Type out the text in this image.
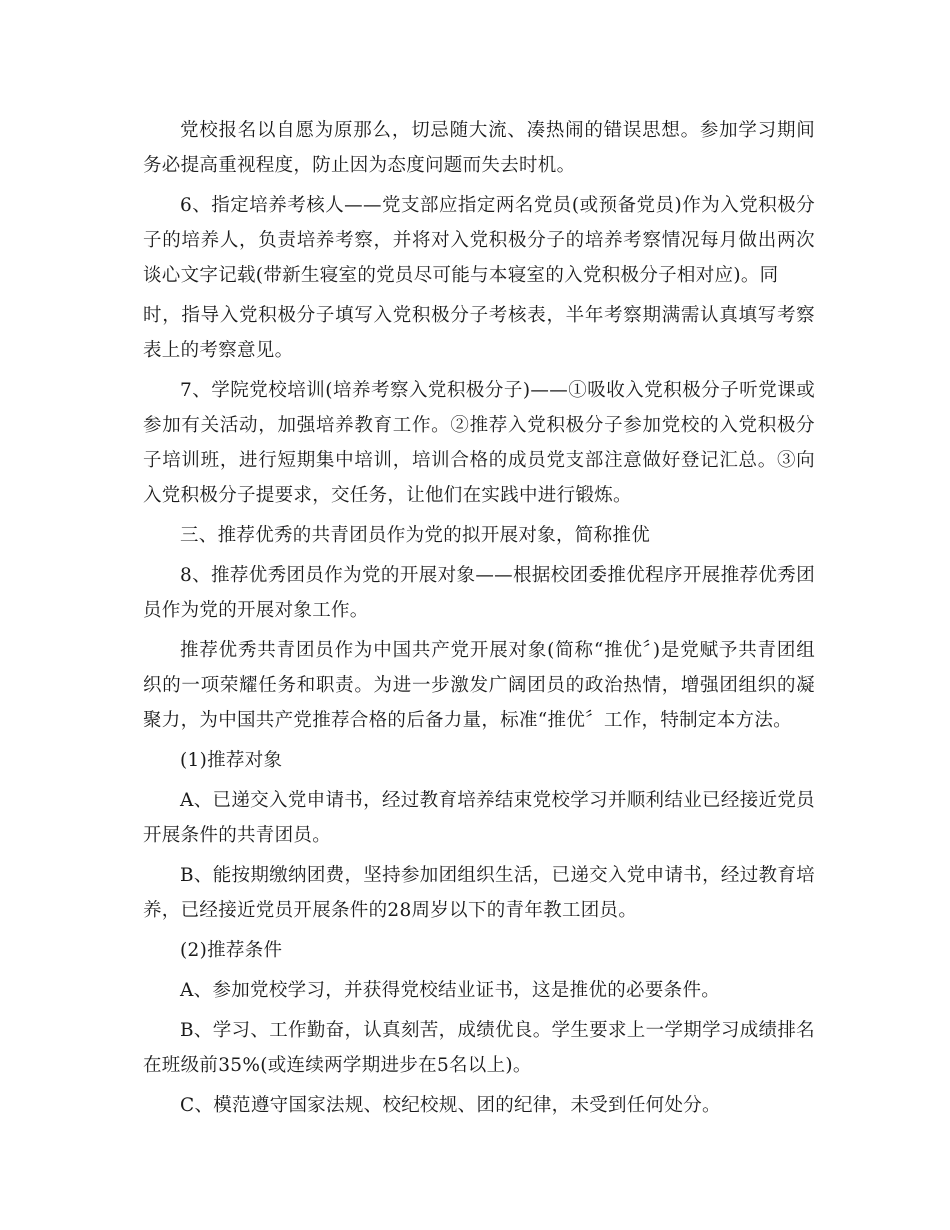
党校报名以自愿为原那么，切忌随大流、凑热闹的错误思想。参加学习期间务必提高重视程度，防止因为态度问题而失去时机。

6、指定培养考核人——党支部应指定两名党员(或预备党员)作为入党积极分子的培养人，负责培养考察，并将对入党积极分子的培养考察情况每月做出两次谈心文字记载(带新生寝室的党员尽可能与本寝室的入党积极分子相对应)。同

时，指导入党积极分子填写入党积极分子考核表，半年考察期满需认真填写考察表上的考察意见。

7、学院党校培训(培养考察入党积极分子)——①吸收入党积极分子听党课或参加有关活动，加强培养教育工作。②推荐入党积极分子参加党校的入党积极分子培训班，进行短期集中培训，培训合格的成员党支部注意做好登记汇总。③向入党积极分子提要求，交任务，让他们在实践中进行锻炼。

三、推荐优秀的共青团员作为党的拟开展对象，简称推优

8、推荐优秀团员作为党的开展对象——根据校团委推优程序开展推荐优秀团员作为党的开展对象工作。

推荐优秀共青团员作为中国共产党开展对象(简称“推优〞)是党赋予共青团组织的一项荣耀任务和职责。为进一步激发广阔团员的政治热情，增强团组织的凝聚力，为中国共产党推荐合格的后备力量，标准“推优〞工作，特制定本方法。

(1)推荐对象

A、已递交入党申请书，经过教育培养结束党校学习并顺利结业已经接近党员开展条件的共青团员。

B、能按期缴纳团费，坚持参加团组织生活，已递交入党申请书，经过教育培养，已经接近党员开展条件的28周岁以下的青年教工团员。

(2)推荐条件

A、参加党校学习，并获得党校结业证书，这是推优的必要条件。

B、学习、工作勤奋，认真刻苦，成绩优良。学生要求上一学期学习成绩排名在班级前35%(或连续两学期进步在5名以上)。

C、模范遵守国家法规、校纪校规、团的纪律，未受到任何处分。
